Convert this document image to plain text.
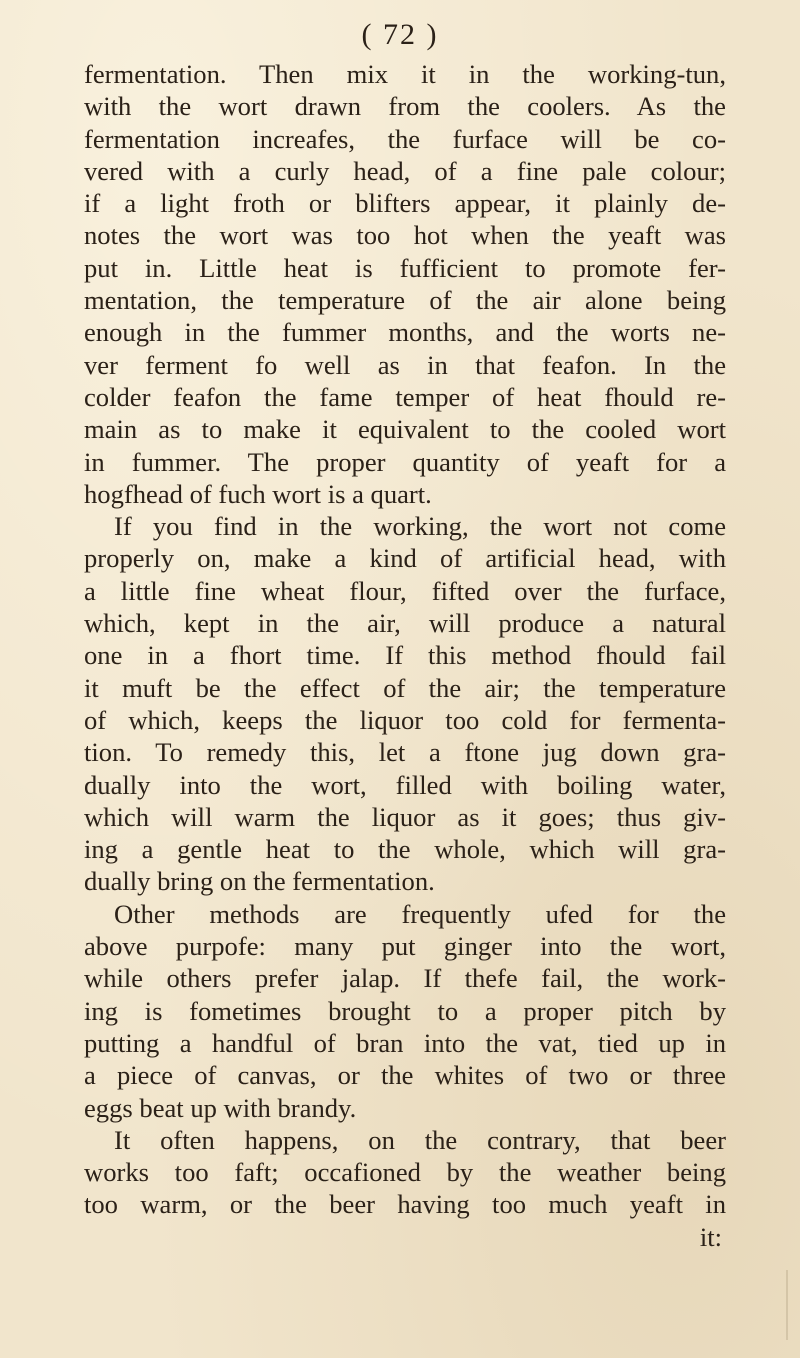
( 72 )
fermentation. Then mix it in the working-tun,
with the wort drawn from the coolers. As the
fermentation increafes, the furface will be co-
vered with a curly head, of a fine pale colour;
if a light froth or blifters appear, it plainly de-
notes the wort was too hot when the yeaft was
put in. Little heat is fufficient to promote fer-
mentation, the temperature of the air alone being
enough in the fummer months, and the worts ne-
ver ferment fo well as in that feafon. In the
colder feafon the fame temper of heat fhould re-
main as to make it equivalent to the cooled wort
in fummer. The proper quantity of yeaft for a
hogfhead of fuch wort is a quart.
If you find in the working, the wort not come
properly on, make a kind of artificial head, with
a little fine wheat flour, fifted over the furface,
which, kept in the air, will produce a natural
one in a fhort time. If this method fhould fail
it muft be the effect of the air; the temperature
of which, keeps the liquor too cold for fermenta-
tion. To remedy this, let a ftone jug down gra-
dually into the wort, filled with boiling water,
which will warm the liquor as it goes; thus giv-
ing a gentle heat to the whole, which will gra-
dually bring on the fermentation.
Other methods are frequently ufed for the
above purpofe: many put ginger into the wort,
while others prefer jalap. If thefe fail, the work-
ing is fometimes brought to a proper pitch by
putting a handful of bran into the vat, tied up in
a piece of canvas, or the whites of two or three
eggs beat up with brandy.
It often happens, on the contrary, that beer
works too faft; occafioned by the weather being
too warm, or the beer having too much yeaft in
it:
